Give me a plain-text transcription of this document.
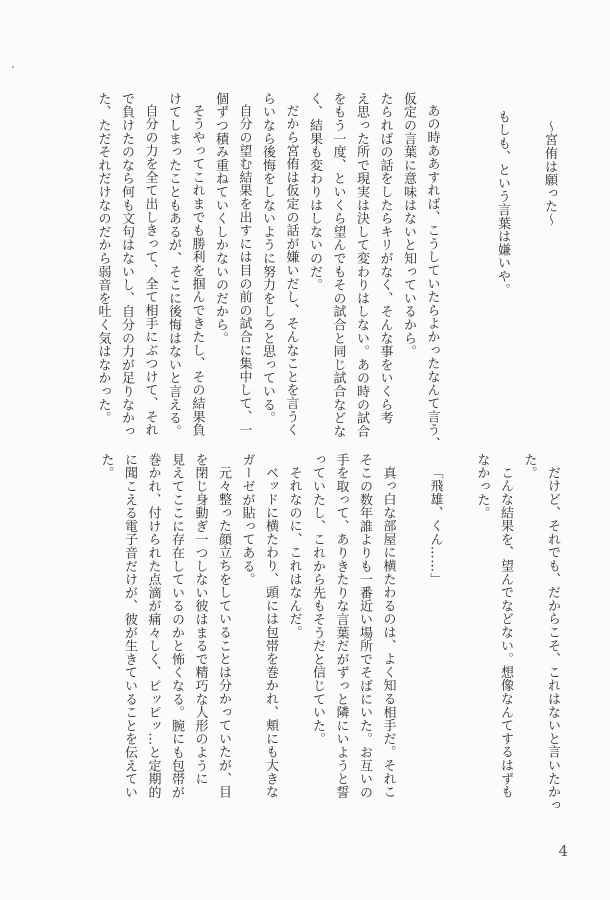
〜宮侑は願った〜
もしも、という言葉は嫌いや。
あの時ああすれば、こうしていたらよかったなんて言う、
仮定の言葉に意味はないと知っているから。
たらればの話をしたらキリがなく、そんな事をいくら考
え思った所で現実は決して変わりはしない。あの時の試合
をもう一度、といくら望んでもその試合と同じ試合などな
く、結果も変わりはしないのだ。
だから宮侑は仮定の話が嫌いだし、そんなことを言うく
らいなら後悔をしないように努力をしろと思っている。
自分の望む結果を出すには目の前の試合に集中して、一
個ずつ積み重ねていくしかないのだから。
そうやってこれまでも勝利を掴んできたし、その結果負
けてしまったこともあるが、そこに後悔はないと言える。
自分の力を全て出しきって、全て相手にぶつけて、それ
で負けたのなら何も文句はないし、自分の力が足りなかっ
た、ただそれだけなのだから弱音を吐く気はなかった。
だけど、それでも、だからこそ、これはないと言いたかっ
た。
こんな結果を、望んでなどない。想像なんてするはずも
なかった。
「飛雄、くん……」
真っ白な部屋に横たわるのは、よく知る相手だ。それこ
そこの数年誰よりも一番近い場所でそばにいた。お互いの
手を取って、ありきたりな言葉だがずっと隣にいようと誓
っていたし、これから先もそうだと信じていた。
それなのに、これはなんだ。
ベッドに横たわり、頭には包帯を巻かれ、頬にも大きな
ガーゼが貼ってある。
元々整った顔立ちをしていることは分かっていたが、目
を閉じ身動ぎ一つしない彼はまるで精巧な人形のように
見えてここに存在しているのかと怖くなる。腕にも包帯が
巻かれ、付けられた点滴が痛々しく、ピッピッ…と定期的
に聞こえる電子音だけが、彼が生きていることを伝えてい
た。
4
